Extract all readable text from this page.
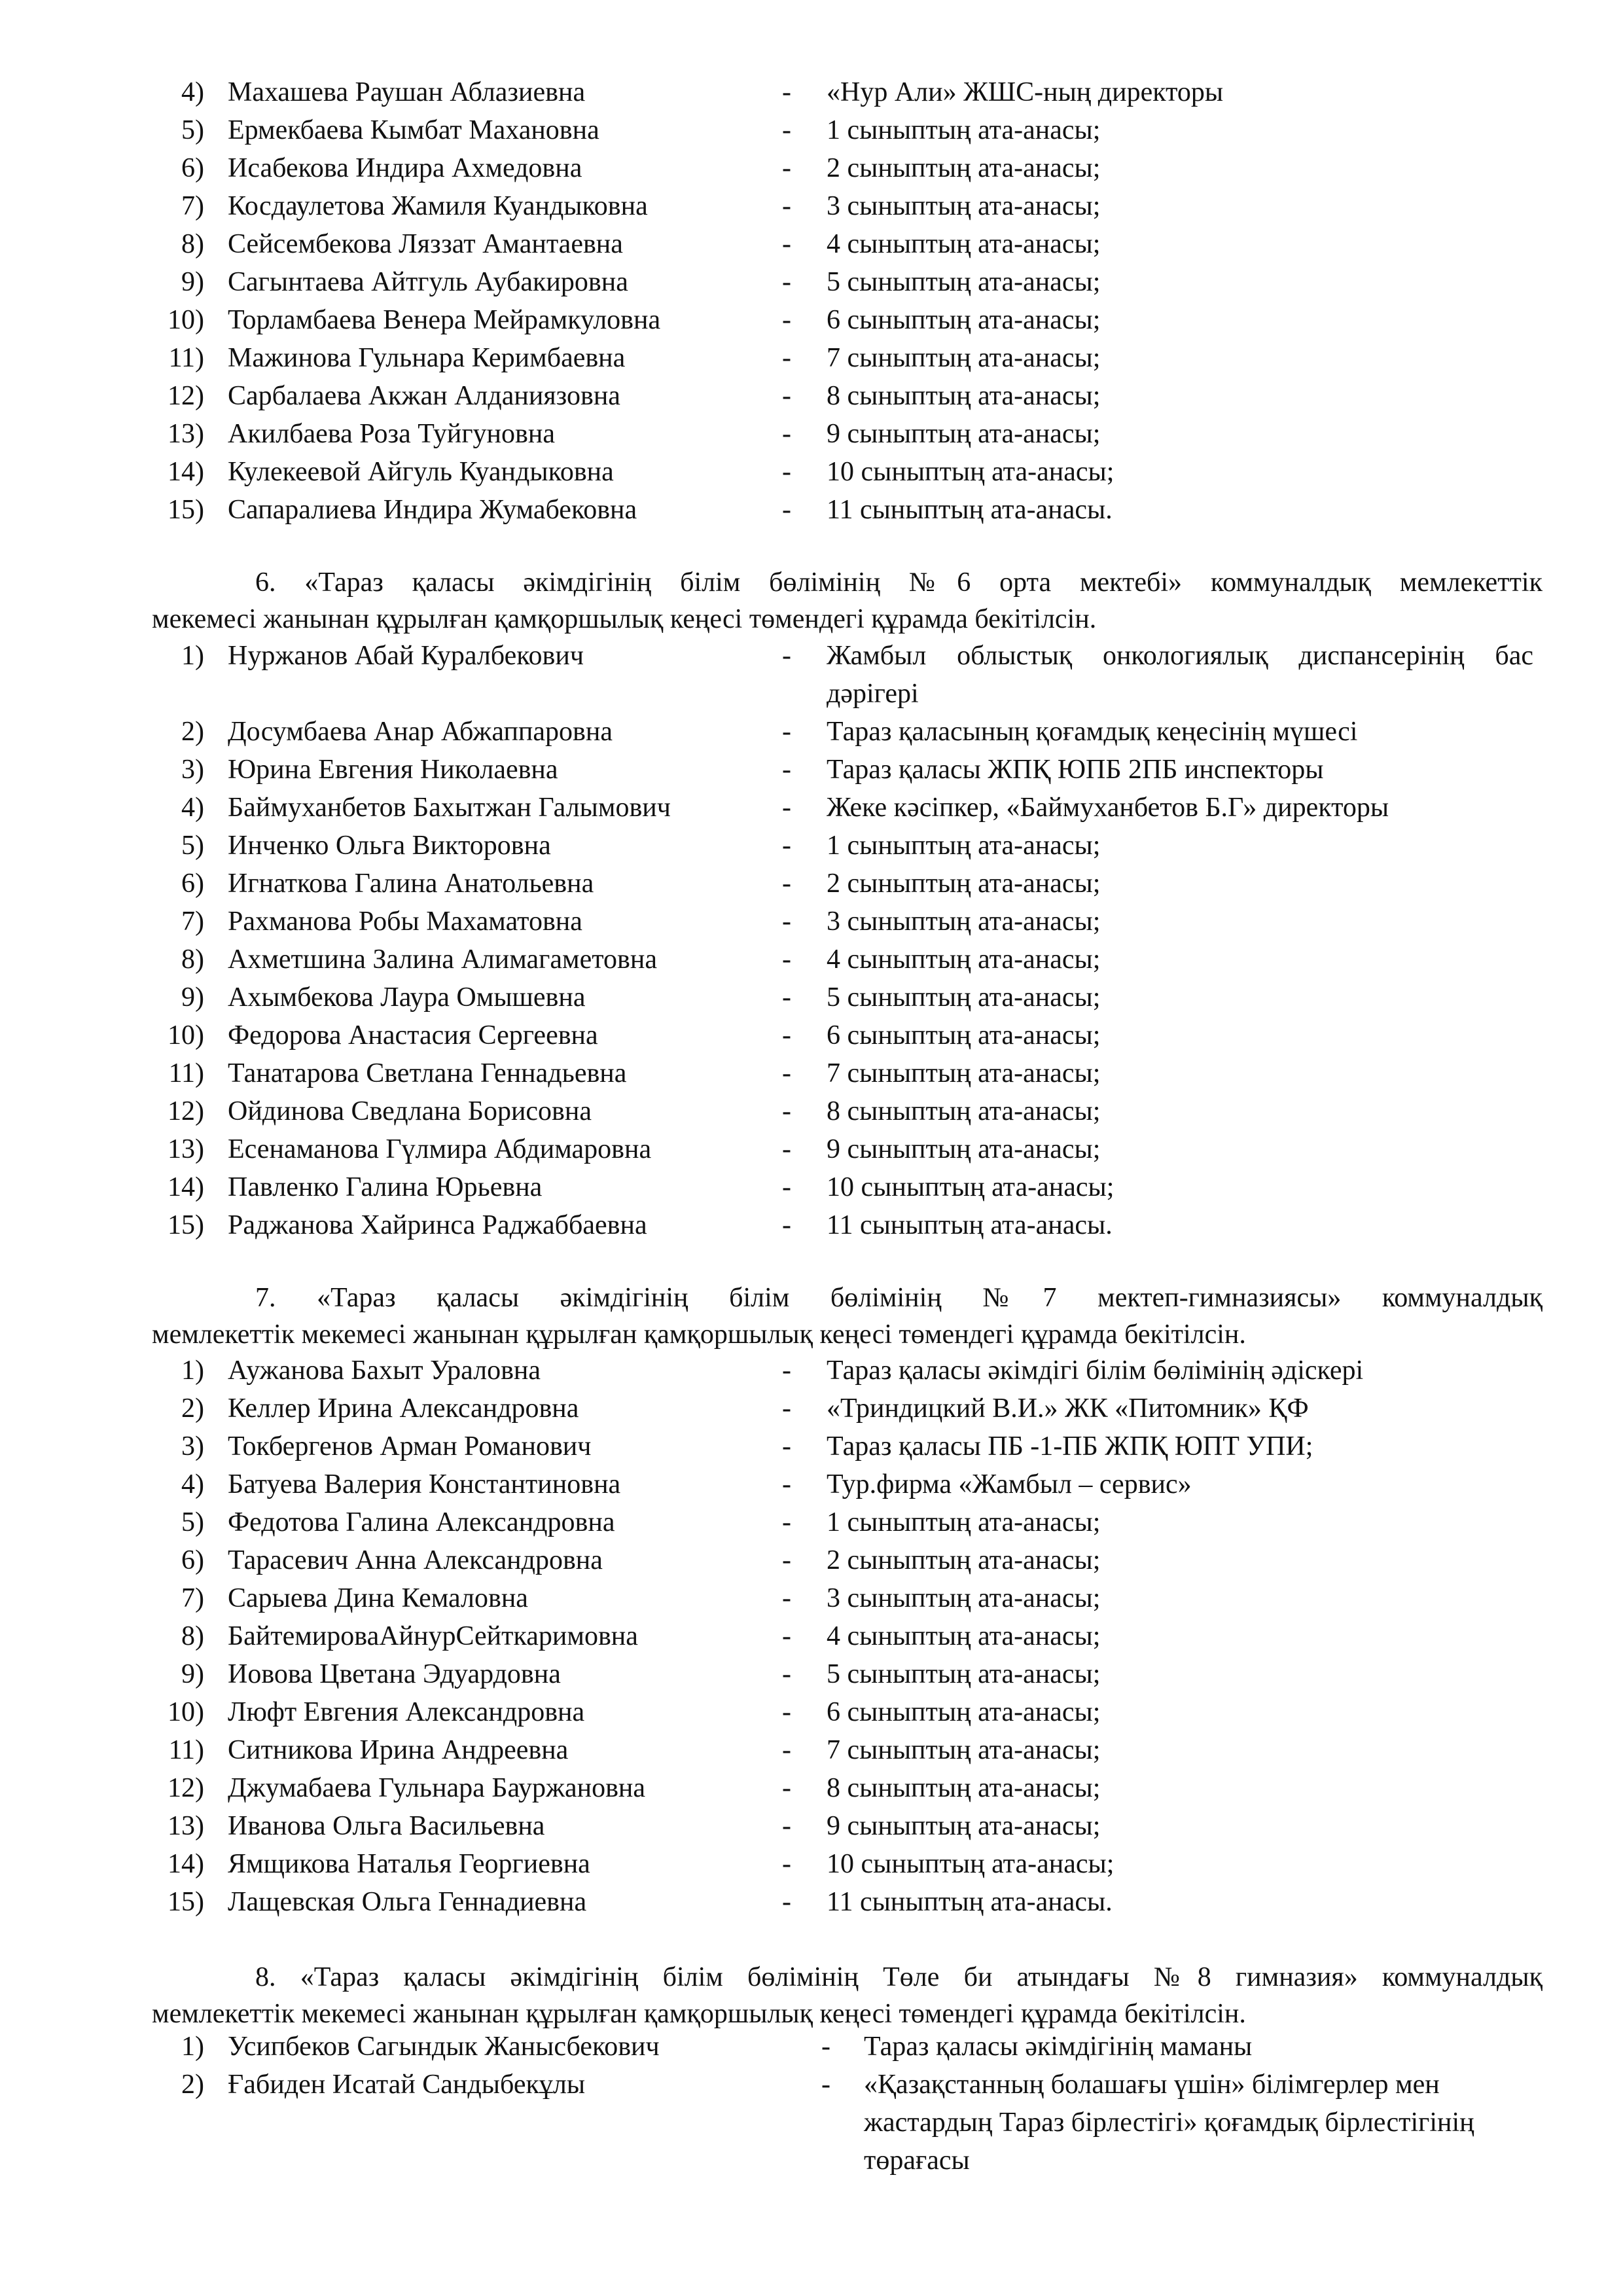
4) Махашева Раушан Аблазиевна	- «Нур Али» ЖШС-ның директоры
5) Ермекбаева Кымбат Махановна	- 1 сыныптың ата-анасы;
6) Исабекова Индира Ахмедовна	- 2 сыныптың ата-анасы;
7) Косдаулетова Жамиля Куандыковна	- 3 сыныптың ата-анасы;
8) Сейсембекова Ляззат Амантаевна	- 4 сыныптың ата-анасы;
9) Сагынтаева Айтгуль Аубакировна	- 5 сыныптың ата-анасы;
10) Торламбаева Венера Мейрамкуловна	- 6 сыныптың ата-анасы;
11) Мажинова Гульнара Керимбаевна	- 7 сыныптың ата-анасы;
12) Сарбалаева Акжан Алданиязовна	- 8 сыныптың ата-анасы;
13) Акилбаева Роза Туйгуновна	- 9 сыныптың ата-анасы;
14) Кулекеевой Айгуль Куандыковна	- 10 сыныптың ата-анасы;
15) Сапаралиева Индира Жумабековна	- 11 сыныптың ата-анасы.
6. «Тараз қаласы әкімдігінің білім бөлімінің №6 орта мектебі» коммуналдық мемлекеттік
мекемесі жанынан құрылған қамқоршылық кеңесі төмендегі құрамда бекітілсін.
1) Нуржанов Абай Куралбекович	- Жамбыл облыстық онкологиялық диспансерінің бас дәрігері
2) Досумбаева Анар Абжаппаровна	- Тараз қаласының қоғамдық кеңесінің мүшесі
3) Юрина Евгения Николаевна	- Тараз қаласы ЖПҚ ЮПБ 2ПБ инспекторы
4) Баймуханбетов Бахытжан Галымович	- Жеке кәсіпкер, «Баймуханбетов Б.Г» директоры
5) Инченко Ольга Викторовна	- 1 сыныптың ата-анасы;
6) Игнаткова Галина Анатольевна	- 2 сыныптың ата-анасы;
7) Рахманова Робы Махаматовна	- 3 сыныптың ата-анасы;
8) Ахметшина Залина Алимагаметовна	- 4 сыныптың ата-анасы;
9) Ахымбекова Лаура Омышевна	- 5 сыныптың ата-анасы;
10) Федорова Анастасия Сергеевна	- 6 сыныптың ата-анасы;
11) Танатарова Светлана Геннадьевна	- 7 сыныптың ата-анасы;
12) Ойдинова Сведлана Борисовна	- 8 сыныптың ата-анасы;
13) Есенаманова Гүлмира Абдимаровна	- 9 сыныптың ата-анасы;
14) Павленко Галина Юрьевна	- 10 сыныптың ата-анасы;
15) Раджанова Хайринса Раджаббаевна	- 11 сыныптың ата-анасы.
7. «Тараз қаласы әкімдігінің білім бөлімінің №7 мектеп-гимназиясы» коммуналдық
мемлекеттік мекемесі жанынан құрылған қамқоршылық кеңесі төмендегі құрамда бекітілсін.
1) Аужанова Бахыт Ураловна	- Тараз қаласы әкімдігі білім бөлімінің әдіскері
2) Келлер Ирина Александровна	- «Триндицкий В.И.» ЖК «Питомник» ҚФ
3) Токбергенов Арман Романович	- Тараз қаласы ПБ -1-ПБ ЖПҚ ЮПТ УПИ;
4) Батуева Валерия Константиновна	- Тур.фирма «Жамбыл – сервис»
5) Федотова Галина Александровна	- 1 сыныптың ата-анасы;
6) Тарасевич Анна Александровна	- 2 сыныптың ата-анасы;
7) Сарыева Дина Кемаловна	- 3 сыныптың ата-анасы;
8) БайтемироваАйнурСейткаримовна	- 4 сыныптың ата-анасы;
9) Иовова Цветана Эдуардовна	- 5 сыныптың ата-анасы;
10) Люфт Евгения Александровна	- 6 сыныптың ата-анасы;
11) Ситникова Ирина Андреевна	- 7 сыныптың ата-анасы;
12) Джумабаева Гульнара Бауржановна	- 8 сыныптың ата-анасы;
13) Иванова Ольга Васильевна	- 9 сыныптың ата-анасы;
14) Ямщикова Наталья Георгиевна	- 10 сыныптың ата-анасы;
15) Лащевская Ольга Геннадиевна	- 11 сыныптың ата-анасы.
8. «Тараз қаласы әкімдігінің білім бөлімінің Төле би атындағы №8 гимназия» коммуналдық
мемлекеттік мекемесі жанынан құрылған қамқоршылық кеңесі төмендегі құрамда бекітілсін.
1) Усипбеков Сагындык Жанысбекович	- Тараз қаласы әкімдігінің маманы
2) Ғабиден Исатай Сандыбекұлы	- «Қазақстанның болашағы үшін» білімгерлер мен жастардың Тараз бірлестігі» қоғамдық бірлестігінің төрағасы
